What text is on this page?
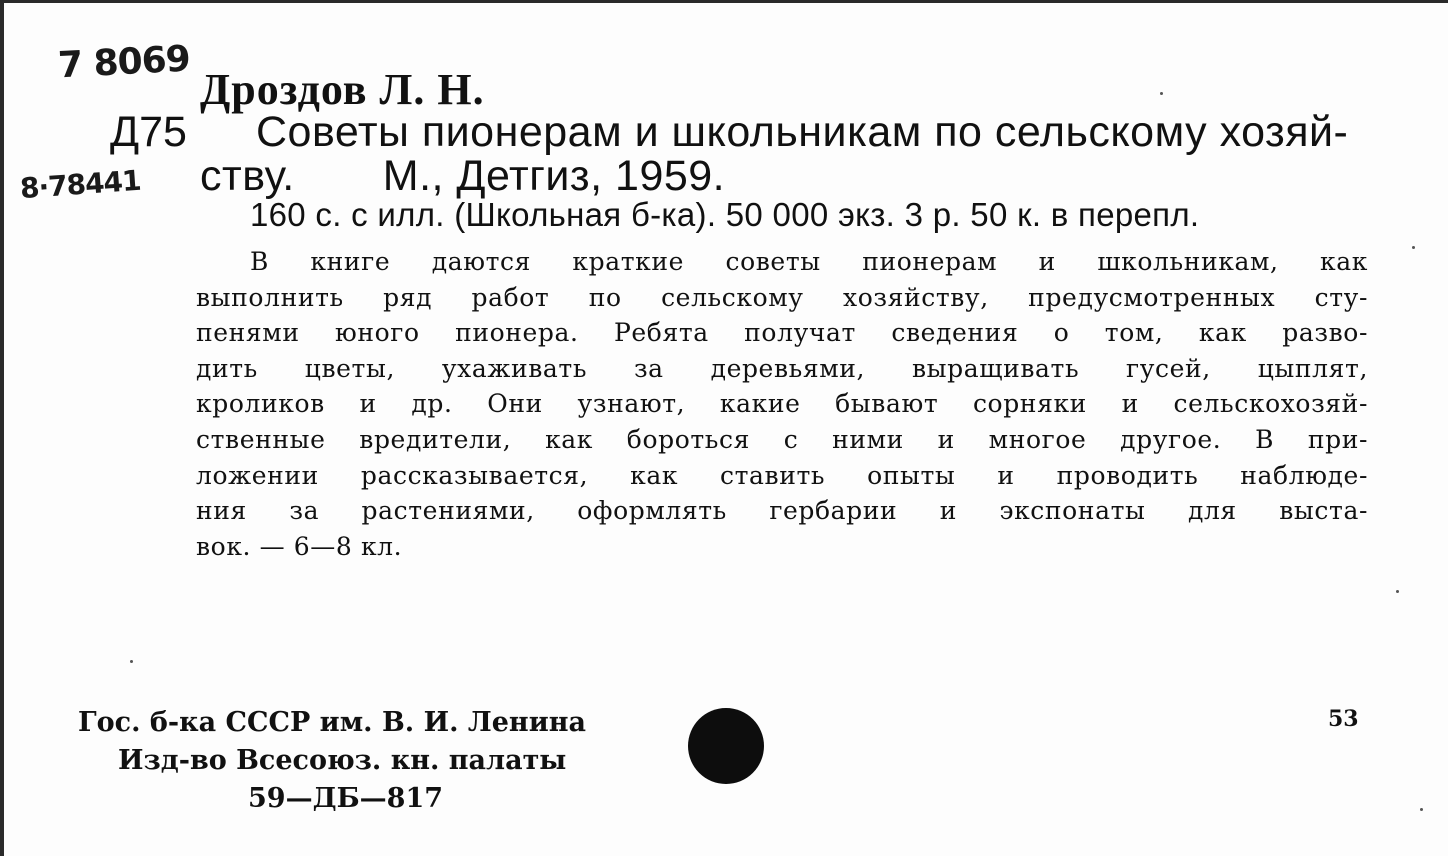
7 8069
8·78441
Дроздов Л. Н.
Д75 Советы пионерам и школьникам по сельскому хозяй-
ству. М., Детгиз, 1959.
160 с. с илл. (Школьная б-ка). 50 000 экз. 3 р. 50 к. в перепл.
В книге даются краткие советы пионерам и школьникам, как
выполнить ряд работ по сельскому хозяйству, предусмотренных сту-
пенями юного пионера. Ребята получат сведения о том, как разво-
дить цветы, ухаживать за деревьями, выращивать гусей, цыплят,
кроликов и др. Они узнают, какие бывают сорняки и сельскохозяй-
ственные вредители, как бороться с ними и многое другое. В при-
ложении рассказывается, как ставить опыты и проводить наблюде-
ния за растениями, оформлять гербарии и экспонаты для выста-
вок. — 6—8 кл.
Гос. б-ка СССР им. В. И. Ленина
Изд-во Всесоюз. кн. палаты
59—ДБ—817
53
